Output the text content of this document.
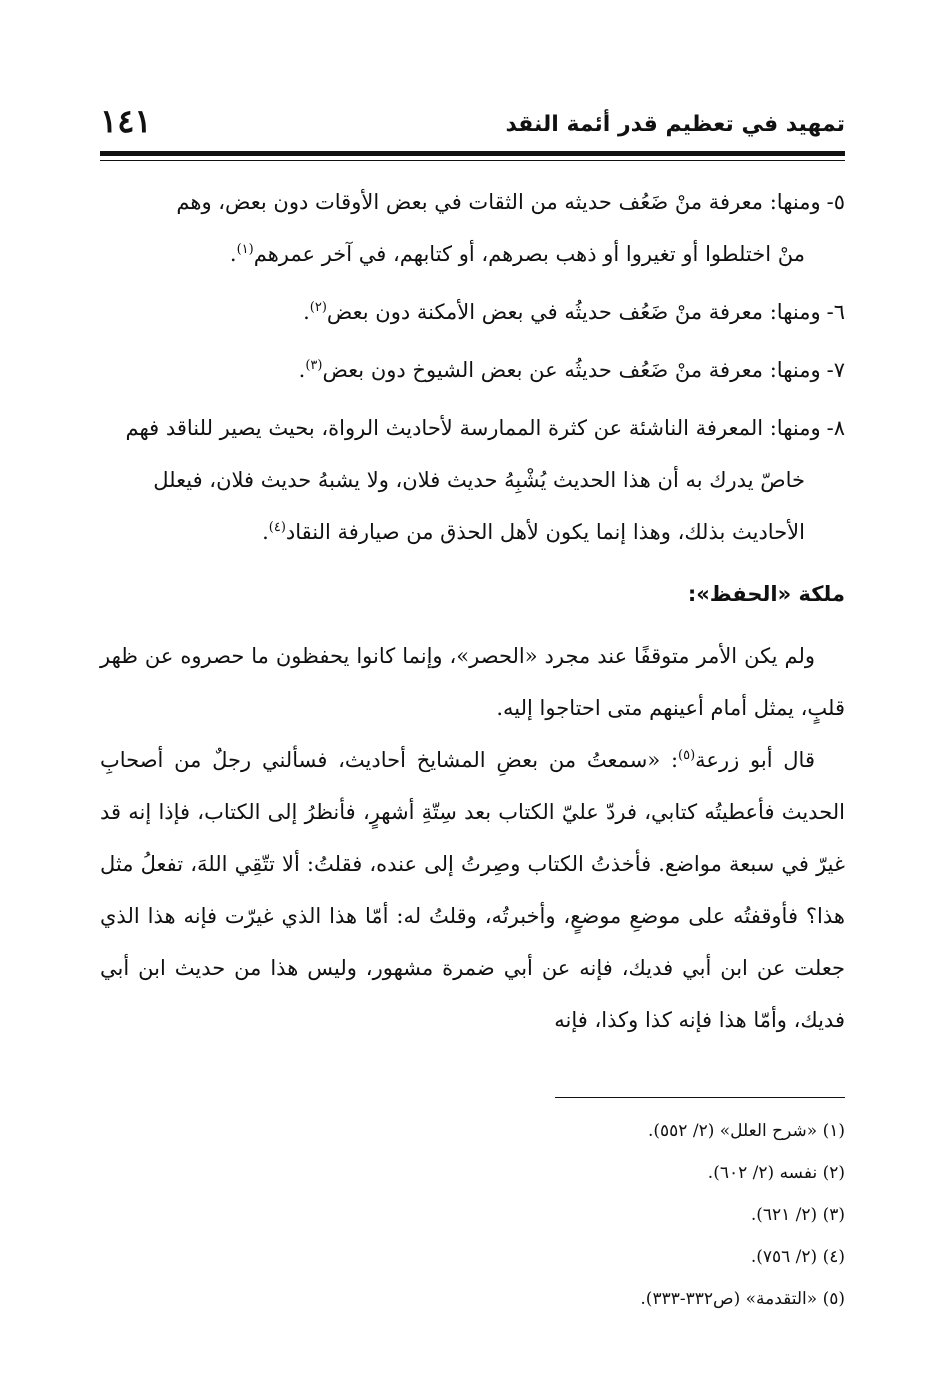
تمهيد في تعظيم قدر أئمة النقد
١٤١
٥-ومنها: معرفة منْ ضَعُف حديثه من الثقات في بعض الأوقات دون بعض، وهم
منْ اختلطوا أو تغيروا أو ذهب بصرهم، أو كتابهم، في آخر عمرهم$^{(١)}$.
٦-ومنها: معرفة منْ ضَعُف حديثُه في بعض الأمكنة دون بعض$^{(٢)}$.
٧-ومنها: معرفة منْ ضَعُف حديثُه عن بعض الشيوخ دون بعض$^{(٣)}$.
٨-ومنها: المعرفة الناشئة عن كثرة الممارسة لأحاديث الرواة، بحيث يصير للناقد فهم
خاصّ يدرك به أن هذا الحديث يُشْبِهُ حديث فلان، ولا يشبهُ حديث فلان، فيعلل
الأحاديث بذلك، وهذا إنما يكون لأهل الحذق من صيارفة النقاد$^{(٤)}$.
ملكة «الحفظ»:

ولم يكن الأمر متوقفًا عند مجرد «الحصر»، وإنما كانوا يحفظون ما حصروه عن ظهر قلبٍ، يمثل أمام أعينهم متى احتاجوا إليه.

قال أبو زرعة$^{(٥)}$: «سمعتُ من بعضِ المشايخ أحاديث، فسألني رجلٌ من أصحابِ الحديث فأعطيتُه كتابي، فردّ عليّ الكتاب بعد سِتّةِ أشهرٍ، فأنظرُ إلى الكتاب، فإذا إنه قد غيرّ في سبعة مواضع. فأخذتُ الكتاب وصِرتُ إلى عنده، فقلتُ: ألا تتّقِي اللهَ، تفعلُ مثل هذا؟ فأوقفتُه على موضعِ موضعٍ، وأخبرتُه، وقلتُ له: أمّا هذا الذي غيرّت فإنه هذا الذي جعلت عن ابن أبي فديك، فإنه عن أبي ضمرة مشهور، وليس هذا من حديث ابن أبي فديك، وأمّا هذا فإنه كذا وكذا، فإنه

(١) «شرح العلل» (٢/ ٥٥٢).

(٢) نفسه (٢/ ٦٠٢).

(٣) (٢/ ٦٢١).

(٤) (٢/ ٧٥٦).

(٥) «التقدمة» (ص٣٣٢-٣٣٣).
